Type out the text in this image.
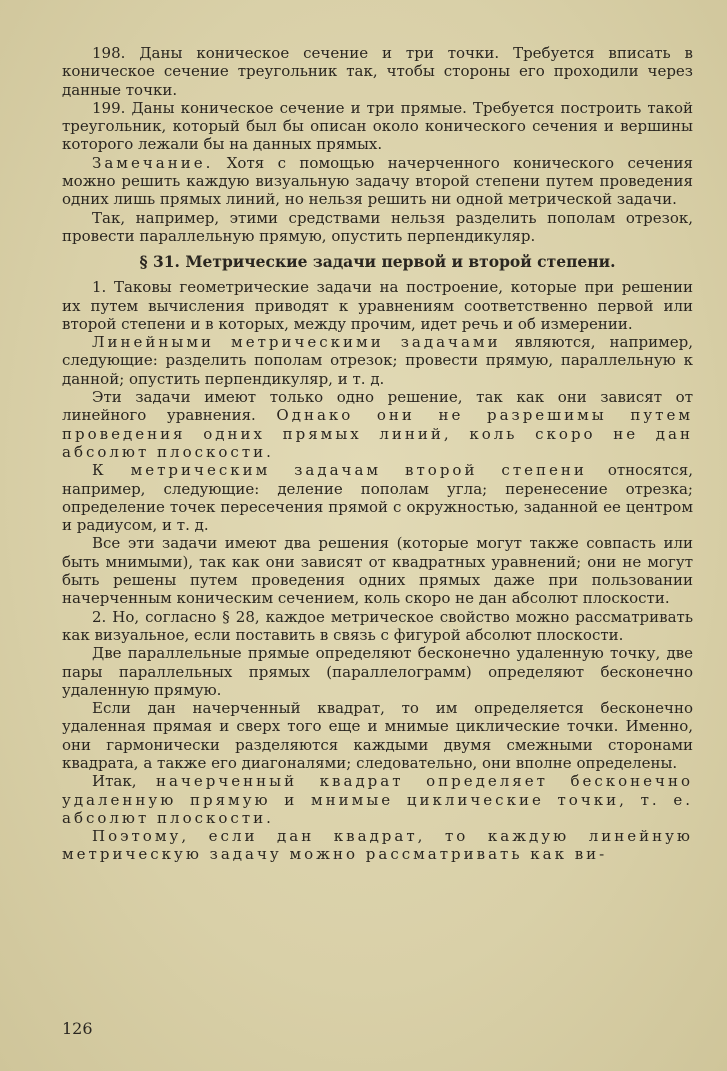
198. Даны коническое сечение и три точки. Требуется вписать в коническое сечение треугольник так, чтобы стороны его проходили через данные точки.

199. Даны коническое сечение и три прямые. Требуется построить такой треугольник, который был бы описан около конического сечения и вершины которого лежали бы на данных прямых.

Замечание. Хотя с помощью начерченного конического сечения можно решить каждую визуальную задачу второй степени путем проведения одних лишь прямых линий, но нельзя решить ни одной метрической задачи.

Так, например, этими средствами нельзя разделить пополам отрезок, провести параллельную прямую, опустить перпендикуляр.

§ 31. Метрические задачи первой и второй степени.

1. Таковы геометрические задачи на построение, которые при решении их путем вычисления приводят к уравнениям соответственно первой или второй степени и в которых, между прочим, идет речь и об измерении.

Линейными метрическими задачами являются, например, следующие: разделить пополам отрезок; провести прямую, параллельную к данной; опустить перпендикуляр, и т. д.

Эти задачи имеют только одно решение, так как они зависят от линейного уравнения. Однако они не разрешимы путем проведения одних прямых линий, коль скоро не дан абсолют плоскости.

К метрическим задачам второй степени относятся, например, следующие: деление пополам угла; перенесение отрезка; определение точек пересечения прямой с окружностью, заданной ее центром и радиусом, и т. д.

Все эти задачи имеют два решения (которые могут также совпасть или быть мнимыми), так как они зависят от квадратных уравнений; они не могут быть решены путем проведения одних прямых даже при пользовании начерченным коническим сечением, коль скоро не дан абсолют плоскости.

2. Но, согласно § 28, каждое метрическое свойство можно рассматривать как визуальное, если поставить в связь с фигурой абсолют плоскости.

Две параллельные прямые определяют бесконечно удаленную точку, две пары параллельных прямых (параллелограмм) определяют бесконечно удаленную прямую.

Если дан начерченный квадрат, то им определяется бесконечно удаленная прямая и сверх того еще и мнимые циклические точки. Именно, они гармонически разделяются каждыми двумя смежными сторонами квадрата, а также его диагоналями; следовательно, они вполне определены.

Итак, начерченный квадрат определяет бесконечно удаленную прямую и мнимые циклические точки, т. е. абсолют плоскости.

Поэтому, если дан квадрат, то каждую линейную метрическую задачу можно рассматривать как ви-

126
